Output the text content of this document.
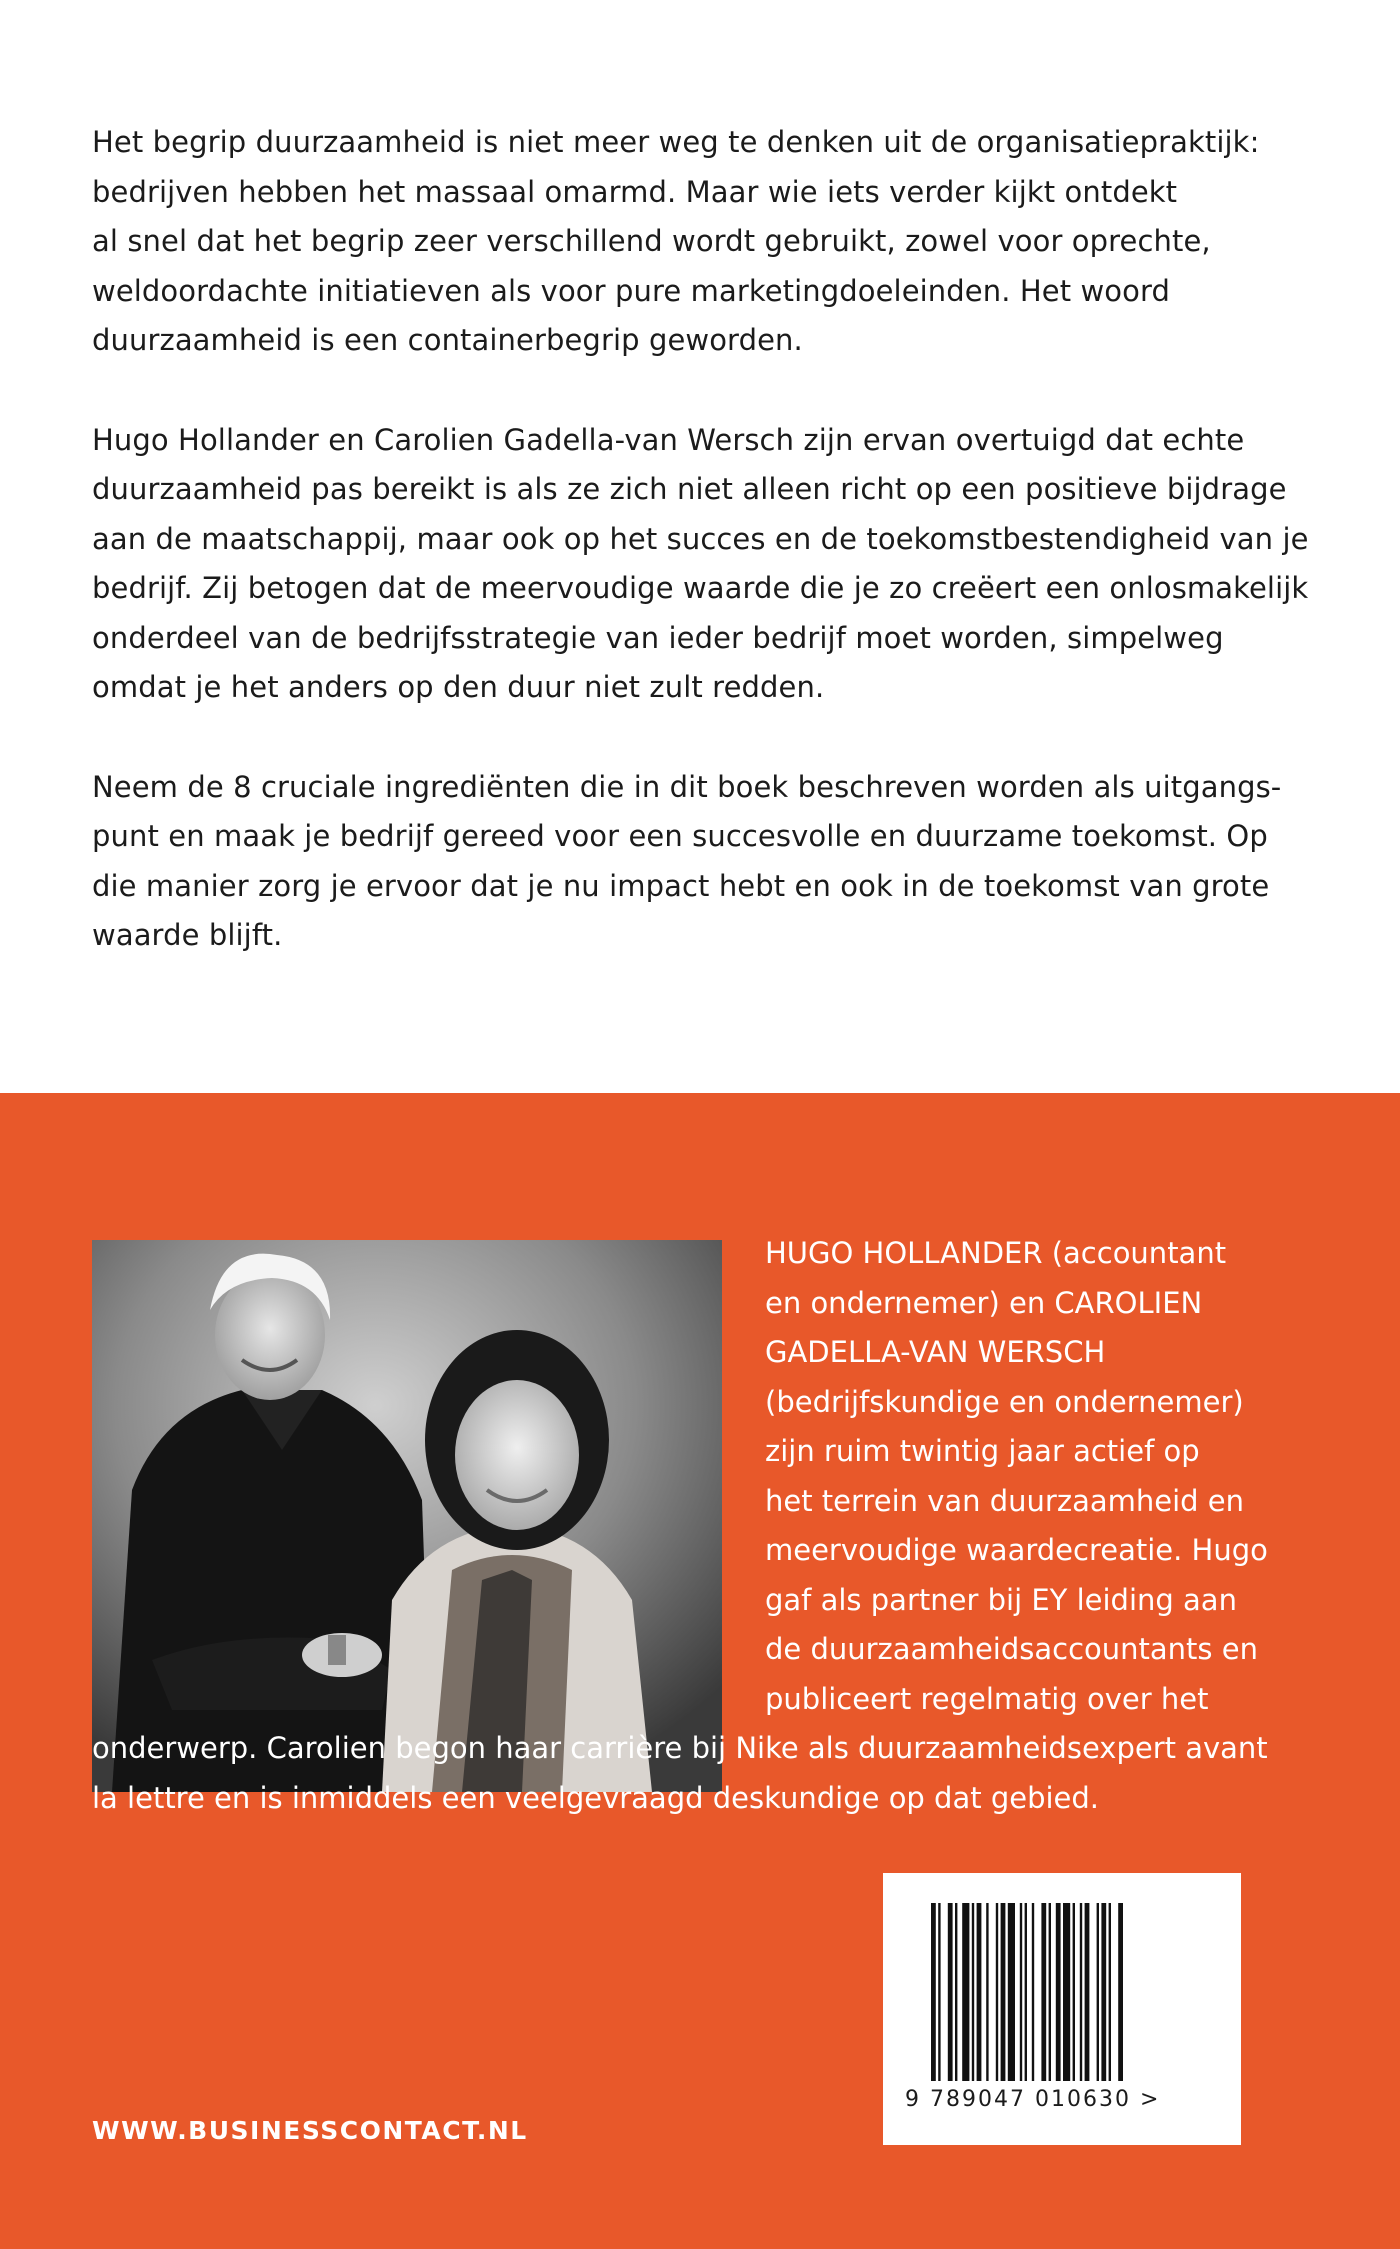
Het begrip duurzaamheid is niet meer weg te denken uit de organisatiepraktijk:
bedrijven hebben het massaal omarmd. Maar wie iets verder kijkt ontdekt
al snel dat het begrip zeer verschillend wordt gebruikt, zowel voor oprechte,
weldoordachte initiatieven als voor pure marketingdoeleinden. Het woord
duurzaamheid is een containerbegrip geworden.

Hugo Hollander en Carolien Gadella-van Wersch zijn ervan overtuigd dat echte
duurzaamheid pas bereikt is als ze zich niet alleen richt op een positieve bijdrage
aan de maatschappij, maar ook op het succes en de toekomstbestendigheid van je
bedrijf. Zij betogen dat de meervoudige waarde die je zo creëert een onlosmakelijk
onderdeel van de bedrijfsstrategie van ieder bedrijf moet worden, simpelweg
omdat je het anders op den duur niet zult redden.

Neem de 8 cruciale ingrediënten die in dit boek beschreven worden als uitgangs-
punt en maak je bedrijf gereed voor een succesvolle en duurzame toekomst. Op
die manier zorg je ervoor dat je nu impact hebt en ook in de toekomst van grote
waarde blijft.

HUGO HOLLANDER (accountant
en ondernemer) en CAROLIEN
GADELLA-VAN WERSCH
(bedrijfskundige en ondernemer)
zijn ruim twintig jaar actief op
het terrein van duurzaamheid en
meervoudige waardecreatie. Hugo
gaf als partner bij EY leiding aan
de duurzaamheidsaccountants en
publiceert regelmatig over het

onderwerp. Carolien begon haar carrière bij Nike als duurzaamheidsexpert avant
la lettre en is inmiddels een veelgevraagd deskundige op dat gebied.

9 789047 010630 >
WWW.BUSINESSCONTACT.NL
